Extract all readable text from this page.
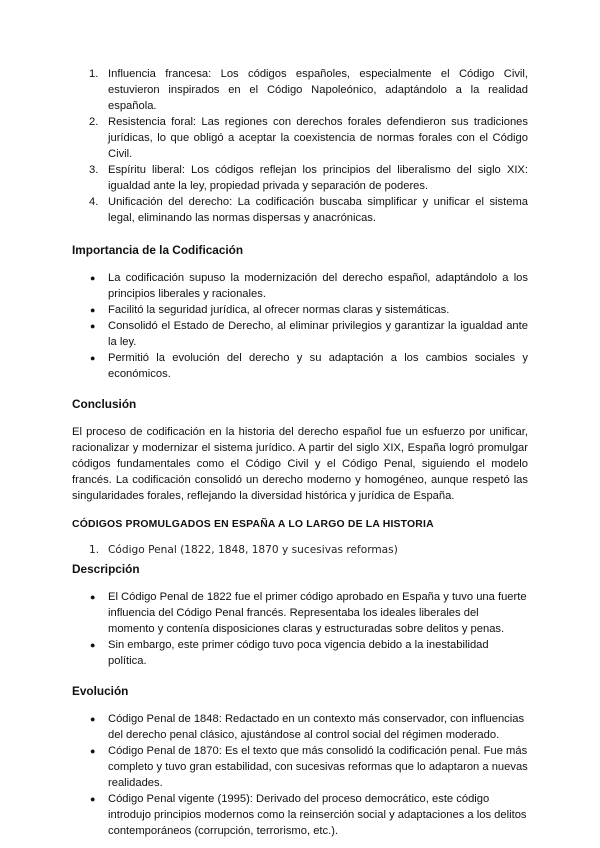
1. Influencia francesa: Los códigos españoles, especialmente el Código Civil, estuvieron inspirados en el Código Napoleónico, adaptándolo a la realidad española.
2. Resistencia foral: Las regiones con derechos forales defendieron sus tradiciones jurídicas, lo que obligó a aceptar la coexistencia de normas forales con el Código Civil.
3. Espíritu liberal: Los códigos reflejan los principios del liberalismo del siglo XIX: igualdad ante la ley, propiedad privada y separación de poderes.
4. Unificación del derecho: La codificación buscaba simplificar y unificar el sistema legal, eliminando las normas dispersas y anacrónicas.
Importancia de la Codificación
● La codificación supuso la modernización del derecho español, adaptándolo a los principios liberales y racionales.
● Facilitó la seguridad jurídica, al ofrecer normas claras y sistemáticas.
● Consolidó el Estado de Derecho, al eliminar privilegios y garantizar la igualdad ante la ley.
● Permitió la evolución del derecho y su adaptación a los cambios sociales y económicos.
Conclusión

El proceso de codificación en la historia del derecho español fue un esfuerzo por unificar, racionalizar y modernizar el sistema jurídico. A partir del siglo XIX, España logró promulgar códigos fundamentales como el Código Civil y el Código Penal, siguiendo el modelo francés. La codificación consolidó un derecho moderno y homogéneo, aunque respetó las singularidades forales, reflejando la diversidad histórica y jurídica de España.

CÓDIGOS PROMULGADOS EN ESPAÑA A LO LARGO DE LA HISTORIA

1. Código Penal (1822, 1848, 1870 y sucesivas reformas)
Descripción
● El Código Penal de 1822 fue el primer código aprobado en España y tuvo una fuerte influencia del Código Penal francés. Representaba los ideales liberales del momento y contenía disposiciones claras y estructuradas sobre delitos y penas.
● Sin embargo, este primer código tuvo poca vigencia debido a la inestabilidad política.
Evolución
● Código Penal de 1848: Redactado en un contexto más conservador, con influencias del derecho penal clásico, ajustándose al control social del régimen moderado.
● Código Penal de 1870: Es el texto que más consolidó la codificación penal. Fue más completo y tuvo gran estabilidad, con sucesivas reformas que lo adaptaron a nuevas realidades.
● Código Penal vigente (1995): Derivado del proceso democrático, este código introdujo principios modernos como la reinserción social y adaptaciones a los delitos contemporáneos (corrupción, terrorismo, etc.).
